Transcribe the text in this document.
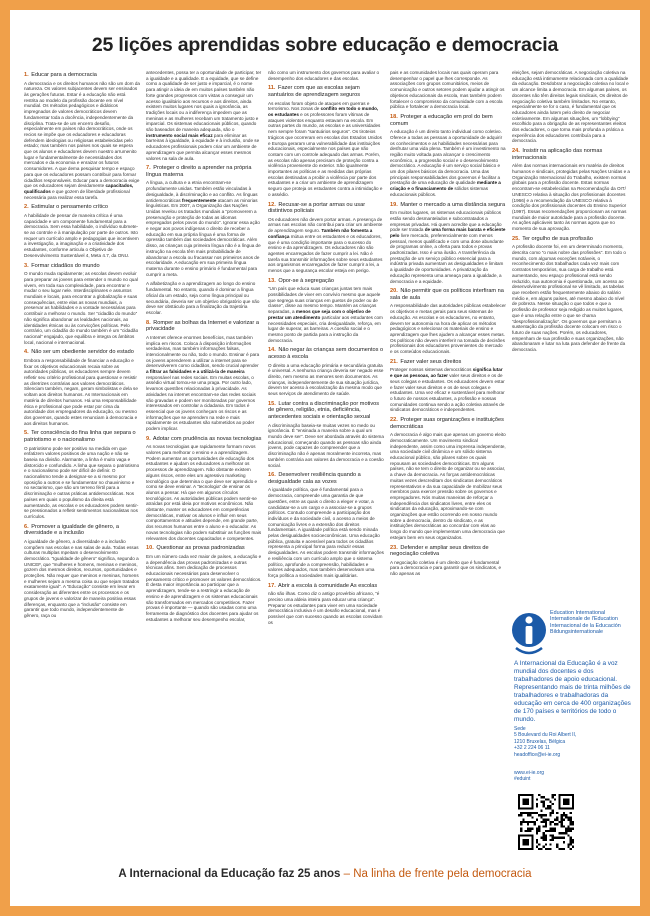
25 lições aprendidas sobre educação e democracia
1. Educar para a democracia
A democracia e os direitos humanos não são um dom da natureza. Os valores subjacentes devem ser ensinados às gerações futuras. Estar é a educação não está restrita ao modelo da profissão docente em nível mundial. Os métodos pedagógicos e didáticos impregnados de valores democráticos devem fundamentar toda a docência, independentemente da disciplina. Trata-se de um encerro desafio, especialmente em países não democráticos, onde os recios se impõe que os educadores e educadoras defendem ideologias ou religiosas estabelecidas pelo estado; mas também nos países nos quais se espera que os alunos e educadores devem nuestro arrumenito lugar e fundamentalmente de necessidades dos mercados e da economia e enraizar os futuros consumidores. A que dema pesquisar tempo e espaço para que os educadores possam contribuir para formar cidadãos responsáveis. Educar para a democracia exige que os educadores sejam devidamente capacitados, qualificados e que gozem de liberdade profissional necessária para realizar essa tarefa.
2. Estimular o pensamento crítico
A habilidade de pensar de maneira crítica é uma capacidade e um componente fundamental para a democracia. Sem essa habilidade, o indivíduo submete-se ao controle e à manipulação por parte de outros. Isto requer um currículo amplo e pedagogias que incentivem a investigação, a imaginação e a criatividade dos estudantes, conforme articula o Objetivo de Desenvolvimento Sustentável 4, Meta 4.7, da ONU.
3. Formar cidadãos do mundo
O mundo muda rapidamente; as escolas devem evoluir para preparar as jovens para entender o mundo no qual vivem, em toda sua complexidade, para encontrar e mudar o seu lugar nele. Interdisciplinares e assuntos mundiais e locais, para encontrar a globalização e suas consequências, entre elas as novas mundiais, a preservar as habilidades e a vontade necessárias para contribuir a melhorar o mundo. Ser “cidadão do mundo” não significa abandonar as lealdades nacionais, ao identidades étnicas ou às convicções políticas. Pelo contrário, um cidadão do mundo também é um “cidadão nacional” engajado, que equilibra e integra os âmbitos local, nacional e internacional.
4. Não ser um obediente servidor do estado
Embora a responsabilidade de financiar a educação e fixar os objetivos educacionais recaia sobre as autoridades públicas, os educadores sempre devem refletir seu critério profissional para questionar e resistir as diretrizes contrárias aos valores democráticos. Silenciam também, negam, geram simbolistas e dela se voltam aos direitos humanos. As Internacionais em matéria de direitos humanos. Há uma responsabilidade ética e profissional que pode estar por cima da autoridade dos empregadores da educação, ou mesmo dos governos, quando estes renunciam à democracia e aos direitos humanos.
5. Ter consciência do fina linha que separa o patriotismo e o nacionalismo
O patriotismo pode ser positivo na medida em que enfatizem valores positivos de uma nação e não se baseia na divisão. Alarmante, a linha é muito vaga e distorcido e confundido. A linha que separa o patriotismo e o nacionalismo pode ser difícil de definir. O nacionalismo tende a designar-se a si mesmo por oposição a outros e se fundamentar no chauvinismo e no sectarismo, que são um terreno fértil para a discriminação e outras práticas antidemocráticas. Nos países em quais o populismo da direita está aumentando, as escolas e os educadores podem sentir-se pressionados a refletir sentimentos nacionalistas nos currículos.
6. Promover a igualdade de gênero, a diversidade e a inclusão
A igualdade de gênero, a diversidade e a inclusão compõem nas escolas e nas salas de aula. Todas essas culturas multiplas mpeitam o desenvolvimento democrático. “Igualdade de gênero” significa, segundo a UNICEF, que “mulheres e homens, meninas e meninos, gozem dos mesmos direitos, recursos, oportunidades e proteções. Não requer que meninos e meninas, homens e mulheres sejam a mesma coisa ou que sejam tratados exatamente igual”. A “Educação” consiste em levar em consideração as diferentes entre os processos e os grupos de jovens e valorizar de maneira positiva essas diferenças, enquanto que a “inclusão” consiste em garantir que todo mundo, independentemente de gênero, raça ou
antecedentes, possa ter a oportunidade de participar, ter a igualdade e a qualidade. E a equidade, que se define como a qualidade de ser justo e imparcial, é o nome para atingir a ideia de em muitos países também não forte grandes progressos com vistas a conseguir um acesso igualitário aos recursos e aos direitos, ainda existem muitos lugares nos quais a ignorância, as tradições locais ou a indiferença impedem que as meninas e as mulheres recebam um tratamento justo e imparcial. Os sistemas educacionais públicos, quando são baseados de maneira adequada, são o instrumento social mais eficaz para eliminar as barreiras à igualdade, à equidade e à inclusão, onde se educadores profissionais podem criar um ambiente de aprendizagem que permita alcançar esses mesmos valores na sala de aula.
7. Proteger o direito a aprender na própria língua materna
A língua, a cultura e a etnia encontram-se profundamente unidas. Também estão vinculadas à desigualdade, à discriminação e ao conflito. As línguas antidemocráticas frequentemente atacam as minorias linguísticas. Em 2007, a Organização das Nações Unidas revelou os tratados mundiais a “promoverem a preservação e proteção de todas as idiomas empregados pelos povos do mundo”. Ignorar essa ação e negar aos povos indígenas o direito de receber a educação em sua própria língua é uma forma de opressão também das sociedades democráticas. Além disso, as crianças cuja primeira língua não é a língua de instrução na escola têm mais probabilidade de abandonar a escola ou fracassar nos primeiros anos de escolaridade. A educação em sua primeira língua materna durante o ensino primário é fundamental para cumprir a meta.
A alfabetização e a aprendizagem ao longo do ensino fundamental. No entanto, quando é dominar a língua oficial da um estado, seja como língua principal ou secundária, deveria ser um objetivo obrigatório que não deve ser obstáculo para a finalização da trajetória escolar.
8. Romper as bolhas da Internet e valorizar a privacidade
A Internet oferece enormes benefícios, mas também implica em riscos. Coloca à disposição informações verdadeiras, mas também informações falsas, intencionalmente ou não, todo o mundo. Ensinar é para os jovens aprenderem a utilizar a internet para se desenvolverem como cidadãos, sendo crucial aprender a filtrar as falsidades e a utilizá-la de maneira responsável nas redes sociais. Em muitas escolas, o assédio virtual tornou-se uma praga. Por outro lado, levamos questões relacionadas à privacidade. As atividades na internet encontram-se das redes sociais são gravadas e podem ser monitoradas por governos interessados em controlar a cidadania. Em todos é essencial que os jovens conheçam os riscos e as informações que se aprendem na rede e mais rapidamente os estudantes são submetidos ao poder podem implicar.
9. Adotar com prudência as novas tecnologias
As novas tecnologias que rapidamente formam novos valores para melhorar o ensino e a aprendizagem. Podem aumentar as oportunidades de educação dos estudantes e ajudam os educadores a melhorar os processos de aprendizagem. Não obstante existem alguns riscos, entre eles um agressivo marketing tecnológico que determina o que deve ser aprendido e como se deve ensinar. A “tecnologia” de ensinar os alunos a pensar. Há que em algunos círculos tecnológicos. As autoridades públicas podem sentir-se atraídas por está ideia por motivos econômicos. Não obstante, manter os educadores em competências democráticas, motivar os alunos e influir em seus comportamentos e atitudes depende, em grande parte, dos recursos humanos entre o aluno e o educador. As novas tecnologias não podem substituir as funções mais relevantes dos docentes capacitados e competentes.
10. Questionar as provas padronizadas
Em um número cada vez maior de países, a educação e a dependência das provas padronizadas e outras técnicas afins. Sem dedicação de processos educacionais necessários para desenvolver o pensamento crítico e promover os valores democráticos. É desta maior importância ao participar que a aprendizagem, tende-se a restringir a educação de ensino e de aprendizagem e os sistemas educacionais são transformados em mercados competitivos. Fazer provas é importante — quando são usadas como uma ferramenta de diagnóstico dos docentes para ajudar os estudantes a melhorar seu desempenho escolar,
não como um instrumento dos governos para avaliar o desempenho dos educadores e das escolas.
11. Fazer com que as escolas sejam santuários de aprendizagem seguros
As escolas foram objeto de ataques em guerras e terrorismo. Nos zonas de conflito em todo o mundo, os estudantes e os professores foram vítimas de ataques violentos enquanto estavam na escola. Em outras partes do mundo, as escolas e as universidades nem sempre foram “santuários seguros”. Os tiroteios trágicos que ocorreram em escolas dos Estados Unidos e Europa geraram uma vulnerabilidade das instituições educacionais, especialmente nos países que não contam com um controle adequado das armas. Porém, as escolas não apenas precisam de proteção contra a violência proveniente do exterior. São igualmente importantes as políticas e as medidas das próprias escolas destinadas a proibir a violência por parte dos estudantes e a criar um ambiente de aprendizagem seguro que proteja os estudantes contra a intimidação e o assédio.
12. Recusar-se a portar armas ou usar distintivos policiais
Os educadores não devem portar armas. A presença de armas nas escolas não contribui para criar um ambiente de aprendizagem seguro. Também não fomenta a confiança mútua entre os estudantes e os educadores, que é uma condição importante para o sucesso do ensino e da aprendizagem. Os educadores não são agentes encarregados de fazer cumprir a lei. Não é tarefa sua transmitir informações sobre seus estudantes aos organismos encarregados de fazer cumprir a lei, a menos que a segurança escolar esteja em perigo.
13. Opor-se à segregação
“Um país que educa suas crianças juntas tem mais possibilidades de viver em convívio mesmo que aquele que segrega suas crianças em guetos de poder ou de classe”, disse ao mesmo tempo. Mantém as crianças separadas, a menos que seja com o objetivo de prestar um atendimento particular aos estudantes com necessidades especiais, cria desigualdade, reforça, em lugar de superar, as barreiras. A coesão social e o mesmo ponto de partida para a instrução da democracia.
14. Não negar às crianças sem documentos o acesso à escola
O direito a uma educação primária e secundária gratuita é universal. A nenhuma criança deveria ser negado esse direito, nem mesmo as menores sem documentos. As crianças, independentemente de sua situação jurídica, devem ter acesso à escolarização da mesma modo que seus serviços de atendimento de saúde.
15. Lutar contra a discriminação por motivos de gênero, religião, etnia, deficiência, antecedentes sociais e orientação sexual
A discriminação baseia-se muitas vezes no medo ou ignorância. É “ensinada a maneira sobre a qual um mundo deve ser”. Deve ser abordada através do sistema educacional, começando quando as pessoas são ainda jovens, pode capazes de compreender que a discriminação não é apenas moralmente incorreta, mas também contrária aos valores da democracia e a coesão social.
16. Desenvolver resiliência quando a desigualdade cala as vozes
A igualdade política, que é fundamental para a democracia, compreende uma garantia de que questões, entre as quais o direito a eleger e votar, a candidatar-se a um cargo e a associar-se a grupos políticos. Contudo compreende a participação dos indivíduos e da sociedade civil, o acesso a meios de comunicação livres e a extensão dos direitos fundamentais. A igualdade política está sendo minada pelas desigualdades socioeconômicas. Uma educação pública, gratuita e acessível para todos os cidadãos representa a principal forma para reduzir essas desigualdades. As escolas podem transmitir informações e resiliência com um currículo amplo que o sistema político, aprofunde a compreensão, habilidades e valores adequados, mas também desenvolvam uma força política a sociedades mais igualitárias.
17. Abrir a escola à comunidade As escolas
não são ilhas. Como diz o antigo provérbio africano, “é preciso uma aldeia inteira para educar uma criança”. Preparar os estudantes para viver em uma sociedade democrática inclusiva é um desafio educacional, mas é possível que com sucesso quando as escolas convidam os
pais e as comunidades locais nas quais operam para desempenhar o papel que lhes corresponde. As associações com grupos comunitários, meios de comunicação e outros setores podem ajudar a atingir os objetivos educacionais da escola, mas também podem fortalecer o compromisso da comunidade com a escola pública e fortalecer a democracia local.
18. Proteger a educação em prol do bem comum
A educação é um direito tanto individual como coletivo. Oferece a todas as pessoas a oportunidade de adquirir os conhecimentos e as habilidades necessárias para desfrutar uma vida plena. Também é um investimento na região muito voltada para alcançar o crescimento econômico, a progressão social e o desenvolvimento democrático. A educação é um serviço social básico e um dos pilares básicos da democracia. Uma das principais responsabilidades dos governos é facilitar a prestação de uma educação de qualidade mediante a criação e o financiamento de sólidos sistemas educacionais públicos.
19. Manter o mercado a uma distância segura
Em muitos lugares, os sistemas educacionais públicos estão sendo desmantelados e subcontratados a empresas privadas. Há quem acredite que a educação pode ser tratada de uma forma mais barata e eficiente pelo livre mercado, preferencialmente com menos pessoal, menos qualificado e com uma dose abundante de programas online, a oferta para todos e provas padronizadas. Isso é uma ilusão. A transferência da prestação de um serviço público essencial para a indústria privada aumentam as desigualdades e limitam a igualdade de oportunidades. A privatização da educação representa uma ameaça para a igualdade, a democracia e a equidade.
20. Não permitir que os políticos interfiram na sala de aula
A responsabilidade das autoridades públicas estabelecer os objetivos e metas gerais para seus sistemas de educação. As escolas e os educadores, no entanto, devem ter autonomia na hora de aplicar os métodos pedagógicos e selecionar os materiais de ensino e aprendizagem que lhes ajudem a alcançar esses metas. Os políticos não devem interferir na tomada de decisões profissionais dos educadores provenientes do mercado e os conteúdos educacionais.
21. Fazer valer seus direitos
Proteger nossos sistemas democráticos significa lutar e que as pessoas, ao fazer valer seus direitos e os de seus colegas e estudantes. Os educadores devem estar e fazer valer seus direitos e os de seus colegas e estudantes. Uma vez eficaz e sustentável para melhorar o futuro de nossos estudantes, a profissão e nossas comunidades continua sendo a ação coletiva através de sindicatos democráticos e independentes.
22. Proteger suas organizações e instituições democráticas
A democracia é algo mais que apenas um governo eleito democraticamente. Um movimento sindical independente, assim como uma imprensa independente, uma sociedade civil dinâmica e um sólido sistema educacional público, são pilares sobre os quais repousam as sociedades democráticas. Em alguns países, não se tem o direito de organizar ou se associar, a chave da democracia. As forças antidemocráticas muitas vezes descreditam dos sindicatos democráticos representativos e da sua capacidade de mobilizar seus membros para exercer pressão sobre os governos e empregadores. Nós muitas maneiras de reforçar a independência dos sindicatos livres, entre eles os sindicatos da educação, aproximando-se com organizações que estão ocorrendo em nosso mundo sobre a democracia, dentro do sindicato, e as instituições democráticas ao concordar com elas ao longo do mundo que implementam uma democracia que estejam bem em seus organizados.
23. Defender e ampliar seus direitos de negociação coletiva
A negociação coletiva é um direito que é fundamental para a democracia e para garantir que os sindicatos, e não apenas as
eleições, sejam democráticas. A negociação coletiva na educação está intimamente relacionada com a qualidade da educação. Desdobrar a negociação coletiva no local e um alcance limita a democracia. Em algumas países, os docentes não têm direitos legais sindicais, Os direitos de negociação coletiva também limitados. No entanto, especialmente se for o caso, é fundamental que os educadores ainda lutem pelo direito de negociar coletivamente. Em algumas situações, um “lobbying” escolhido para a obrigação de as representantes eleitos dos educadores, o que torna mais profunda a prática a experiência dos educadores contribuía para a democracia.
24. Insistir na aplicação das normas internacionais
Além das normas internacionais em matéria de direitos humanos e sindicais, protegidas pelas Nações Unidas e a Organização Internacional do Trabalho, existem normas globais para a profissão docente. Estas normas encontram-se estabelecidas na Recomendação da OIT/ UNESCO relativa à situação dos profissionais docentes (1966) e a recomendação da UNESCO relativa à condição dos profissionais docentes do Ensino Superior (1997). Essas recomendações proporcionam as normas mundiais de maior autoridade para a profissão docente. As ações aplicáveis tanto às normas agora que no momento de sua aprovação.
25. Ter orgulho de sua profissão
A profissão docente foi, em um determinado momento, descrita como “o mais nobre das profissões”. Em todo o mundo, com algumas exceções notáveis, o reconhecimento dos trabalhados cada vez mais com contratos temporários, sua carga de trabalho está aumentando, seu espaço profissional está sendo reduzido, sua autonomia é questionada, um acesso ao desenvolvimento profissional se vê limitado, as tabelas que recebem estão frequentemente abaixo do salário médio e, em alguns países, até mesmo abaixo do nível de pobreza. Nesse situação o que todos e que a profissão de professor seja redigido as muitos lugares, que é uma relação entre o que se chama “desprofissionalização”. Os governos que permitam a sustentação da profissão docente colocam em risco o futuro de suas nações. Porém, os educadores, empenham de sua profissão e suas organizações, não abandonaram e lutar na luta para defender de frente da democracia.
Education International
Internationale de l'Education
Internacional de la Educación
Bildungsinternationale
A Internacional da Educação é a voz mundial dos docentes e dos trabalhadores de apoio educacional. Representando mais de trinta milhões de trabalhadores e trabalhadoras da educação em cerca de 400 organizações de 170 países e territórios de todo o mundo.
Sede
5 Boulevard du Roi Albert II,
1210 Bruxelas, Bélgica
+32 2 224 06 11
headoffice@ei-ie.org
www.ei-ie.org
#eduint
A Internacional da Educação faz 25 anos – Na linha de frente pela democracia
